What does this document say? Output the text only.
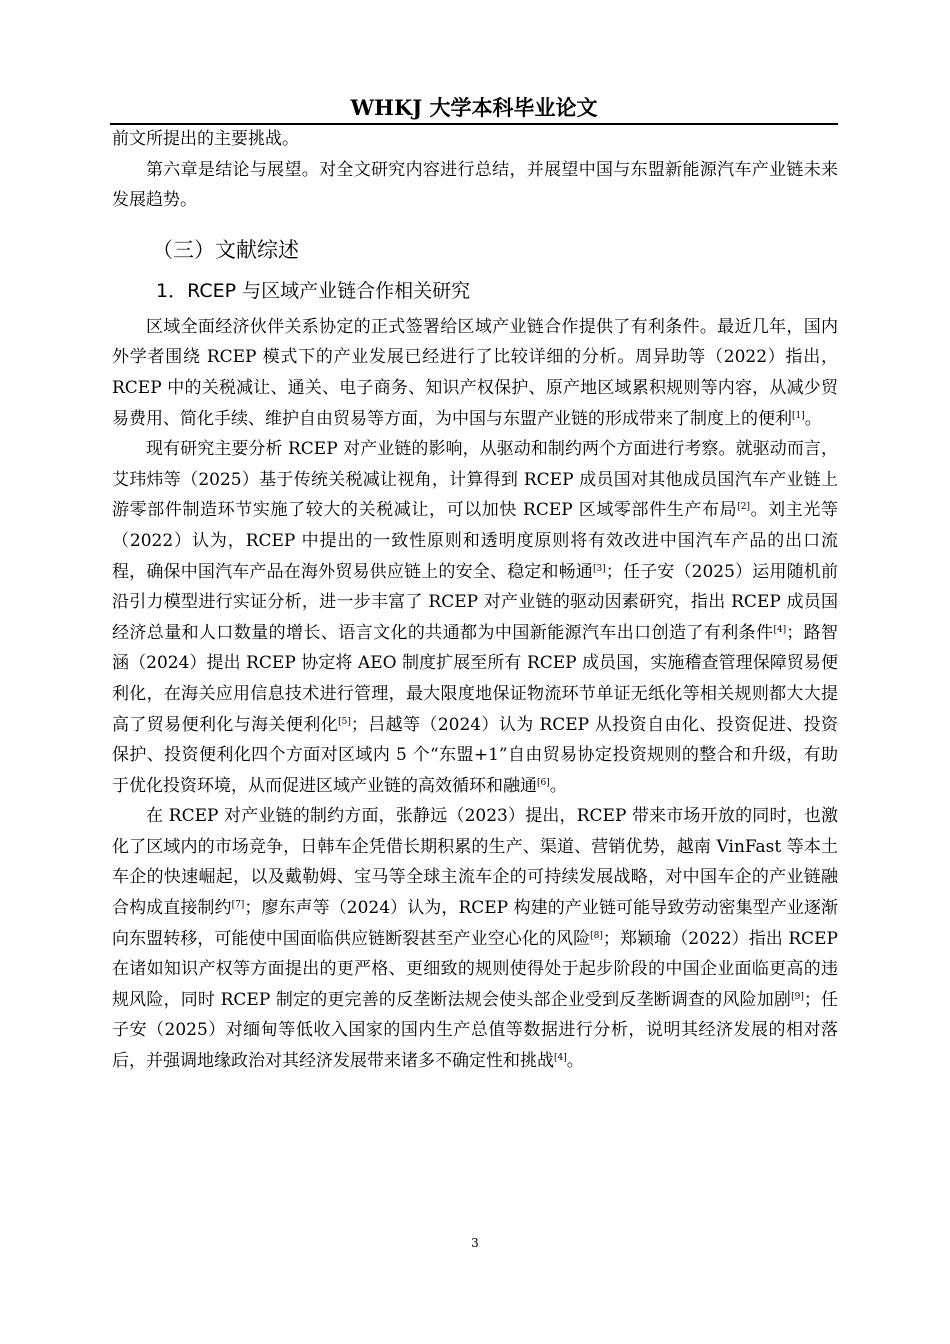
WHKJ 大学本科毕业论文

前文所提出的主要挑战。

第六章是结论与展望。对全文研究内容进行总结，并展望中国与东盟新能源汽车产业链未来发展趋势。

（三）文献综述
1．RCEP 与区域产业链合作相关研究

区域全面经济伙伴关系协定的正式签署给区域产业链合作提供了有利条件。最近几年，国内外学者围绕 RCEP 模式下的产业发展已经进行了比较详细的分析。周异助等（2022）指出，RCEP 中的关税减让、通关、电子商务、知识产权保护、原产地区域累积规则等内容，从减少贸易费用、简化手续、维护自由贸易等方面，为中国与东盟产业链的形成带来了制度上的便利[1]。

现有研究主要分析 RCEP 对产业链的影响，从驱动和制约两个方面进行考察。就驱动而言，艾玮炜等（2025）基于传统关税减让视角，计算得到 RCEP 成员国对其他成员国汽车产业链上游零部件制造环节实施了较大的关税减让，可以加快 RCEP 区域零部件生产布局[2]。刘主光等（2022）认为，RCEP 中提出的一致性原则和透明度原则将有效改进中国汽车产品的出口流程，确保中国汽车产品在海外贸易供应链上的安全、稳定和畅通[3]；任子安（2025）运用随机前沿引力模型进行实证分析，进一步丰富了 RCEP 对产业链的驱动因素研究，指出 RCEP 成员国经济总量和人口数量的增长、语言文化的共通都为中国新能源汽车出口创造了有利条件[4]；路智涵（2024）提出 RCEP 协定将 AEO 制度扩展至所有 RCEP 成员国，实施稽查管理保障贸易便利化，在海关应用信息技术进行管理，最大限度地保证物流环节单证无纸化等相关规则都大大提高了贸易便利化与海关便利化[5]；吕越等（2024）认为 RCEP 从投资自由化、投资促进、投资保护、投资便利化四个方面对区域内 5 个“东盟+1”自由贸易协定投资规则的整合和升级，有助于优化投资环境，从而促进区域产业链的高效循环和融通[6]。

在 RCEP 对产业链的制约方面，张静远（2023）提出，RCEP 带来市场开放的同时，也激化了区域内的市场竞争，日韩车企凭借长期积累的生产、渠道、营销优势，越南 VinFast 等本土车企的快速崛起，以及戴勒姆、宝马等全球主流车企的可持续发展战略，对中国车企的产业链融合构成直接制约[7]；廖东声等（2024）认为，RCEP 构建的产业链可能导致劳动密集型产业逐渐向东盟转移，可能使中国面临供应链断裂甚至产业空心化的风险[8]；郑颖瑜（2022）指出 RCEP 在诸如知识产权等方面提出的更严格、更细致的规则使得处于起步阶段的中国企业面临更高的违规风险，同时 RCEP 制定的更完善的反垄断法规会使头部企业受到反垄断调查的风险加剧[9]；任子安（2025）对缅甸等低收入国家的国内生产总值等数据进行分析，说明其经济发展的相对落后，并强调地缘政治对其经济发展带来诸多不确定性和挑战[4]。

3
